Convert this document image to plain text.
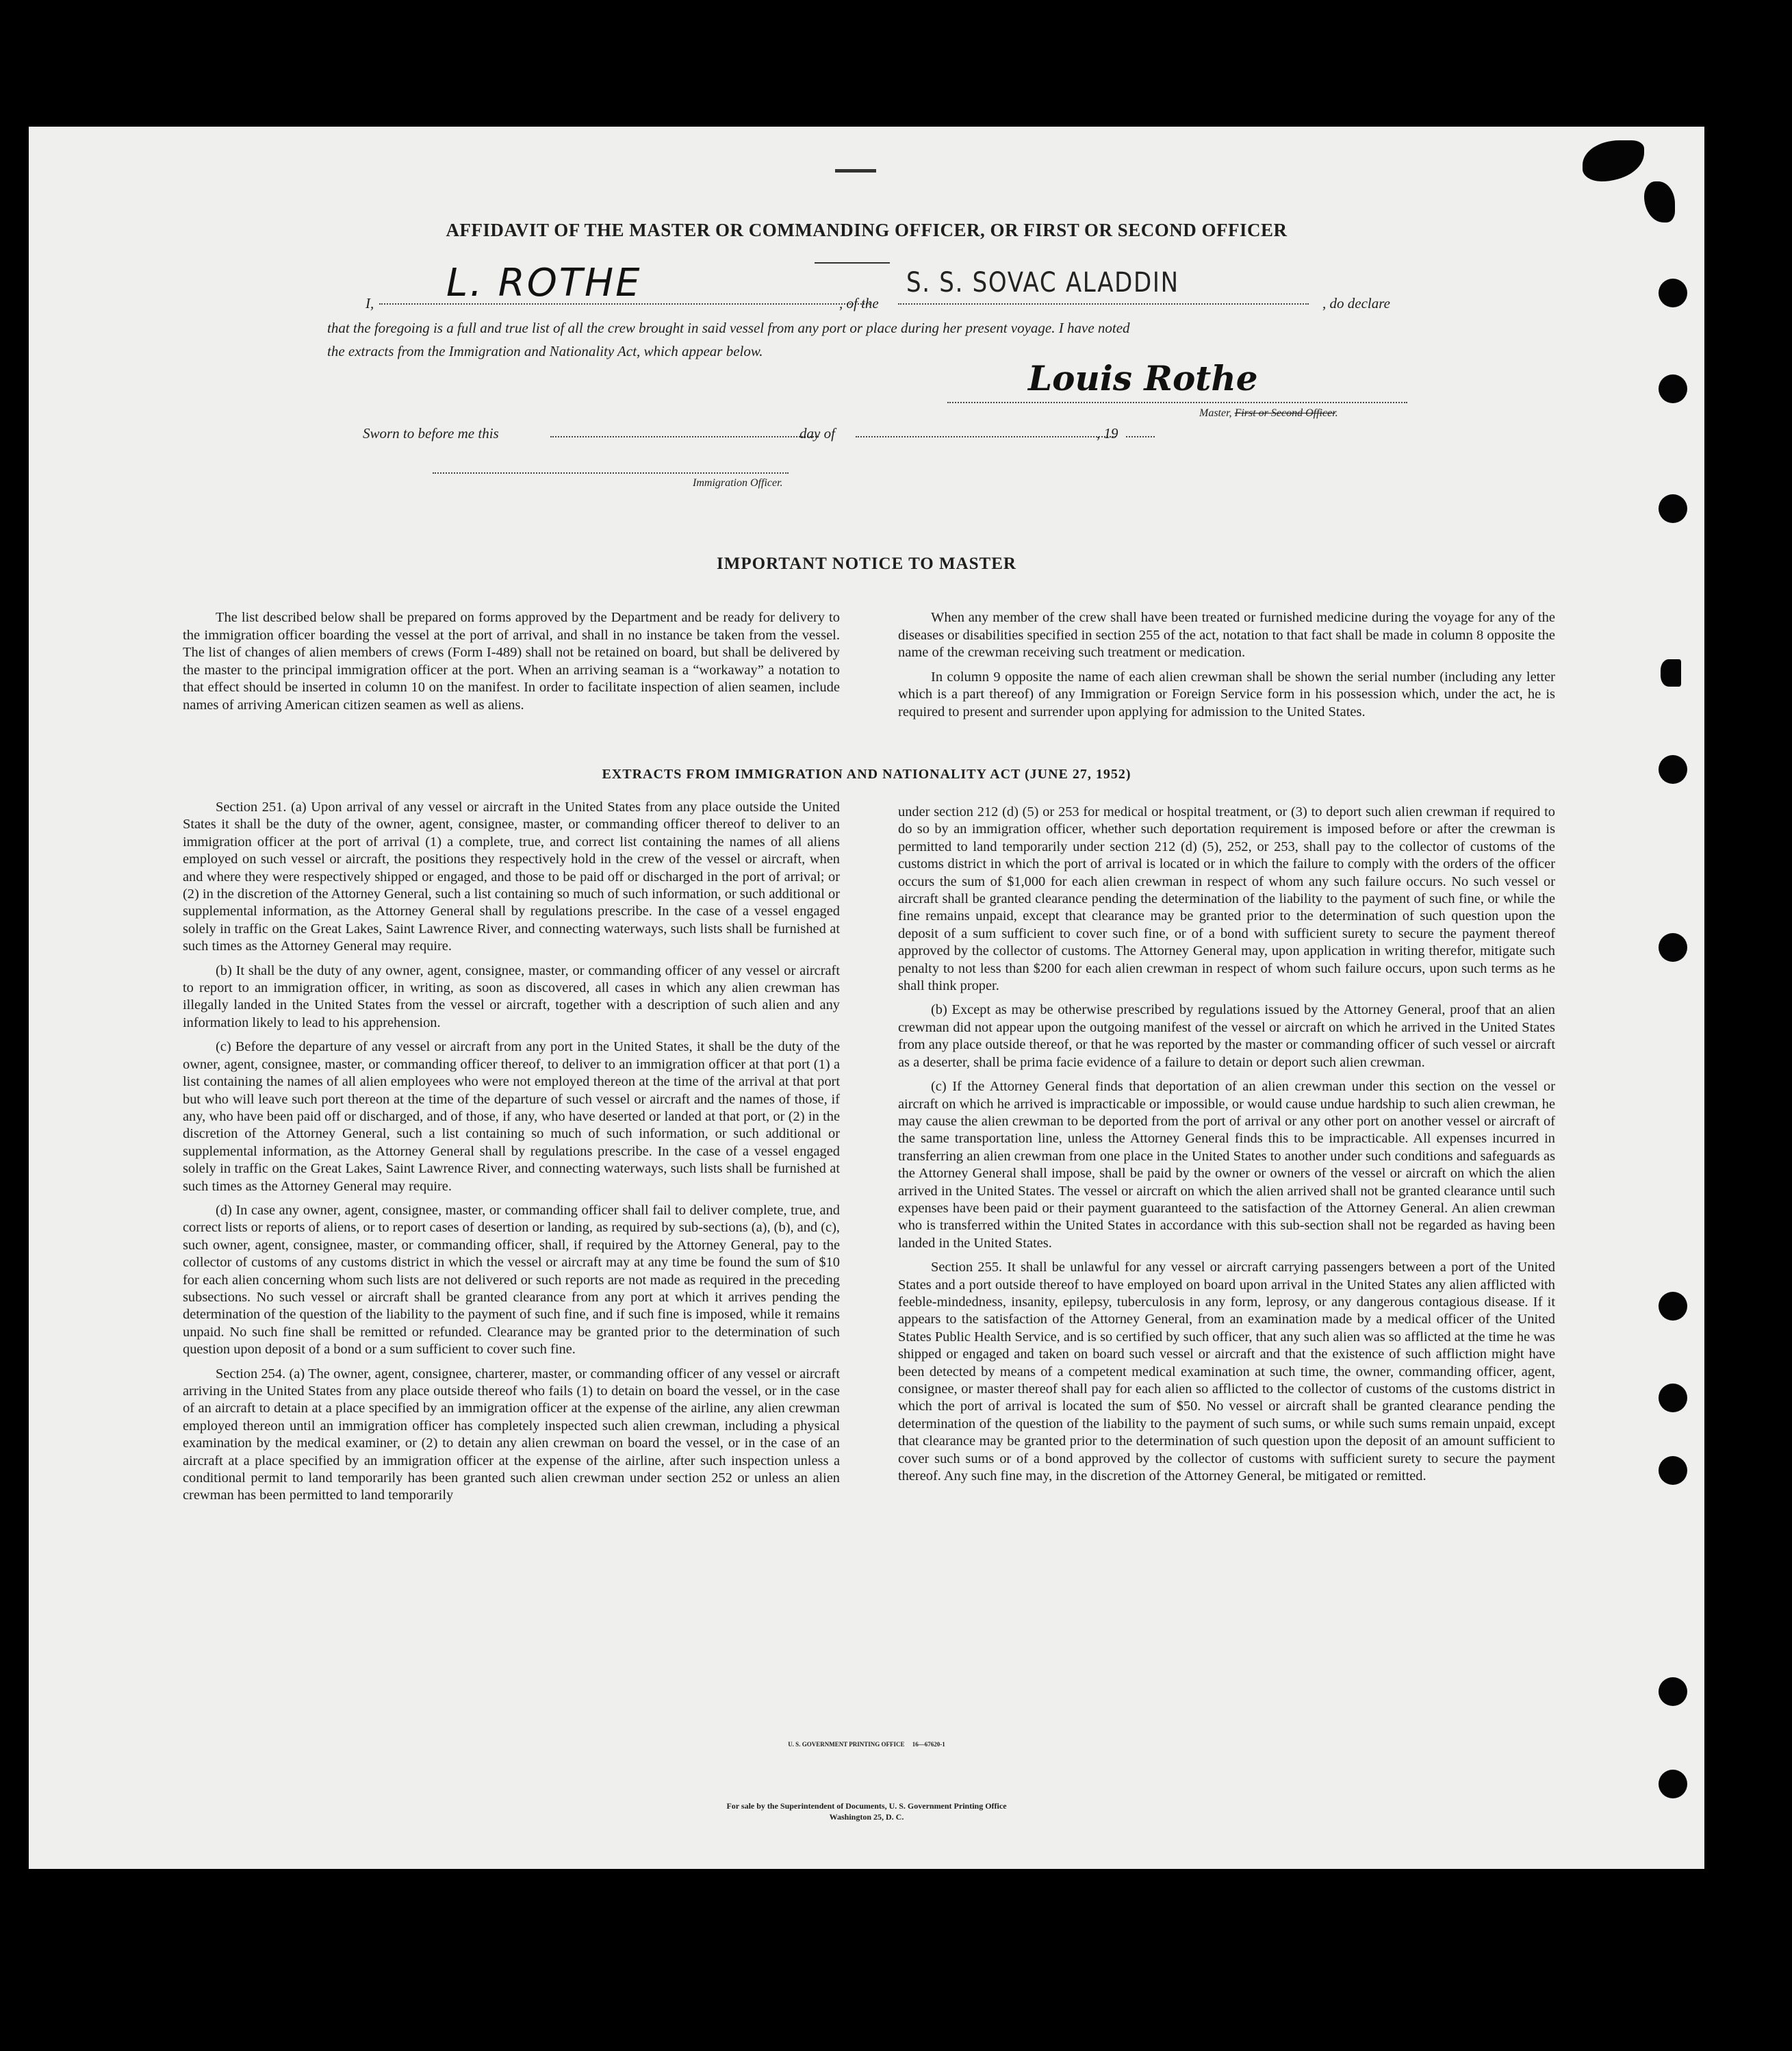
AFFIDAVIT OF THE MASTER OR COMMANDING OFFICER, OR FIRST OR SECOND OFFICER
I, L. ROTHE	, of the
S. S. SOVAC ALADDIN
, do declare
that the foregoing is a full and true list of all the crew brought in said vessel from any port or place during her present voyage. I have noted
the extracts from the Immigration and Nationality Act, which appear below.
Louis Rothe
Master, First or Second Officer.
Sworn to before me this	day of	, 19
Immigration Officer.
IMPORTANT NOTICE TO MASTER

The list described below shall be prepared on forms approved by the Department and be ready for delivery to the immigration officer boarding the vessel at the port of arrival, and shall in no instance be taken from the vessel. The list of changes of alien members of crews (Form I-489) shall not be retained on board, but shall be delivered by the master to the principal immigration officer at the port. When an arriving seaman is a “workaway” a notation to that effect should be inserted in column 10 on the manifest. In order to facilitate inspection of alien seamen, include names of arriving American citizen seamen as well as aliens.

When any member of the crew shall have been treated or furnished medicine during the voyage for any of the diseases or disabilities specified in section 255 of the act, notation to that fact shall be made in column 8 opposite the name of the crewman receiving such treatment or medication.

In column 9 opposite the name of each alien crewman shall be shown the serial number (including any letter which is a part thereof) of any Immigration or Foreign Service form in his possession which, under the act, he is required to present and surrender upon applying for admission to the United States.

EXTRACTS FROM IMMIGRATION AND NATIONALITY ACT (JUNE 27, 1952)

Section 251. (a) Upon arrival of any vessel or aircraft in the United States from any place outside the United States it shall be the duty of the owner, agent, consignee, master, or commanding officer thereof to deliver to an immigration officer at the port of arrival (1) a complete, true, and correct list containing the names of all aliens employed on such vessel or aircraft, the positions they respectively hold in the crew of the vessel or aircraft, when and where they were respectively shipped or engaged, and those to be paid off or discharged in the port of arrival; or (2) in the discretion of the Attorney General, such a list containing so much of such information, or such additional or supplemental information, as the Attorney General shall by regulations prescribe. In the case of a vessel engaged solely in traffic on the Great Lakes, Saint Lawrence River, and connecting waterways, such lists shall be furnished at such times as the Attorney General may require.

(b) It shall be the duty of any owner, agent, consignee, master, or commanding officer of any vessel or aircraft to report to an immigration officer, in writing, as soon as discovered, all cases in which any alien crewman has illegally landed in the United States from the vessel or aircraft, together with a description of such alien and any information likely to lead to his apprehension.

(c) Before the departure of any vessel or aircraft from any port in the United States, it shall be the duty of the owner, agent, consignee, master, or commanding officer thereof, to deliver to an immigration officer at that port (1) a list containing the names of all alien employees who were not employed thereon at the time of the arrival at that port but who will leave such port thereon at the time of the departure of such vessel or aircraft and the names of those, if any, who have been paid off or discharged, and of those, if any, who have deserted or landed at that port, or (2) in the discretion of the Attorney General, such a list containing so much of such information, or such additional or supplemental information, as the Attorney General shall by regulations prescribe. In the case of a vessel engaged solely in traffic on the Great Lakes, Saint Lawrence River, and connecting waterways, such lists shall be furnished at such times as the Attorney General may require.

(d) In case any owner, agent, consignee, master, or commanding officer shall fail to deliver complete, true, and correct lists or reports of aliens, or to report cases of desertion or landing, as required by sub-sections (a), (b), and (c), such owner, agent, consignee, master, or commanding officer, shall, if required by the Attorney General, pay to the collector of customs of any customs district in which the vessel or aircraft may at any time be found the sum of $10 for each alien concerning whom such lists are not delivered or such reports are not made as required in the preceding subsections. No such vessel or aircraft shall be granted clearance from any port at which it arrives pending the determination of the question of the liability to the payment of such fine, and if such fine is imposed, while it remains unpaid. No such fine shall be remitted or refunded. Clearance may be granted prior to the determination of such question upon deposit of a bond or a sum sufficient to cover such fine.

Section 254. (a) The owner, agent, consignee, charterer, master, or commanding officer of any vessel or aircraft arriving in the United States from any place outside thereof who fails (1) to detain on board the vessel, or in the case of an aircraft to detain at a place specified by an immigration officer at the expense of the airline, any alien crewman employed thereon until an immigration officer has completely inspected such alien crewman, including a physical examination by the medical examiner, or (2) to detain any alien crewman on board the vessel, or in the case of an aircraft at a place specified by an immigration officer at the expense of the airline, after such inspection unless a conditional permit to land temporarily has been granted such alien crewman under section 252 or unless an alien crewman has been permitted to land temporarily

under section 212 (d) (5) or 253 for medical or hospital treatment, or (3) to deport such alien crewman if required to do so by an immigration officer, whether such deportation requirement is imposed before or after the crewman is permitted to land temporarily under section 212 (d) (5), 252, or 253, shall pay to the collector of customs of the customs district in which the port of arrival is located or in which the failure to comply with the orders of the officer occurs the sum of $1,000 for each alien crewman in respect of whom any such failure occurs. No such vessel or aircraft shall be granted clearance pending the determination of the liability to the payment of such fine, or while the fine remains unpaid, except that clearance may be granted prior to the determination of such question upon the deposit of a sum sufficient to cover such fine, or of a bond with sufficient surety to secure the payment thereof approved by the collector of customs. The Attorney General may, upon application in writing therefor, mitigate such penalty to not less than $200 for each alien crewman in respect of whom such failure occurs, upon such terms as he shall think proper.

(b) Except as may be otherwise prescribed by regulations issued by the Attorney General, proof that an alien crewman did not appear upon the outgoing manifest of the vessel or aircraft on which he arrived in the United States from any place outside thereof, or that he was reported by the master or commanding officer of such vessel or aircraft as a deserter, shall be prima facie evidence of a failure to detain or deport such alien crewman.

(c) If the Attorney General finds that deportation of an alien crewman under this section on the vessel or aircraft on which he arrived is impracticable or impossible, or would cause undue hardship to such alien crewman, he may cause the alien crewman to be deported from the port of arrival or any other port on another vessel or aircraft of the same transportation line, unless the Attorney General finds this to be impracticable. All expenses incurred in transferring an alien crewman from one place in the United States to another under such conditions and safeguards as the Attorney General shall impose, shall be paid by the owner or owners of the vessel or aircraft on which the alien arrived in the United States. The vessel or aircraft on which the alien arrived shall not be granted clearance until such expenses have been paid or their payment guaranteed to the satisfaction of the Attorney General. An alien crewman who is transferred within the United States in accordance with this sub-section shall not be regarded as having been landed in the United States.

Section 255. It shall be unlawful for any vessel or aircraft carrying passengers between a port of the United States and a port outside thereof to have employed on board upon arrival in the United States any alien afflicted with feeble-mindedness, insanity, epilepsy, tuberculosis in any form, leprosy, or any dangerous contagious disease. If it appears to the satisfaction of the Attorney General, from an examination made by a medical officer of the United States Public Health Service, and is so certified by such officer, that any such alien was so afflicted at the time he was shipped or engaged and taken on board such vessel or aircraft and that the existence of such affliction might have been detected by means of a competent medical examination at such time, the owner, commanding officer, agent, consignee, or master thereof shall pay for each alien so afflicted to the collector of customs of the customs district in which the port of arrival is located the sum of $50. No vessel or aircraft shall be granted clearance pending the determination of the question of the liability to the payment of such sums, or while such sums remain unpaid, except that clearance may be granted prior to the determination of such question upon the deposit of an amount sufficient to cover such sums or of a bond approved by the collector of customs with sufficient surety to secure the payment thereof. Any such fine may, in the discretion of the Attorney General, be mitigated or remitted.

U. S. GOVERNMENT PRINTING OFFICE     16—67620-1
For sale by the Superintendent of Documents, U. S. Government Printing Office
Washington 25, D. C.
